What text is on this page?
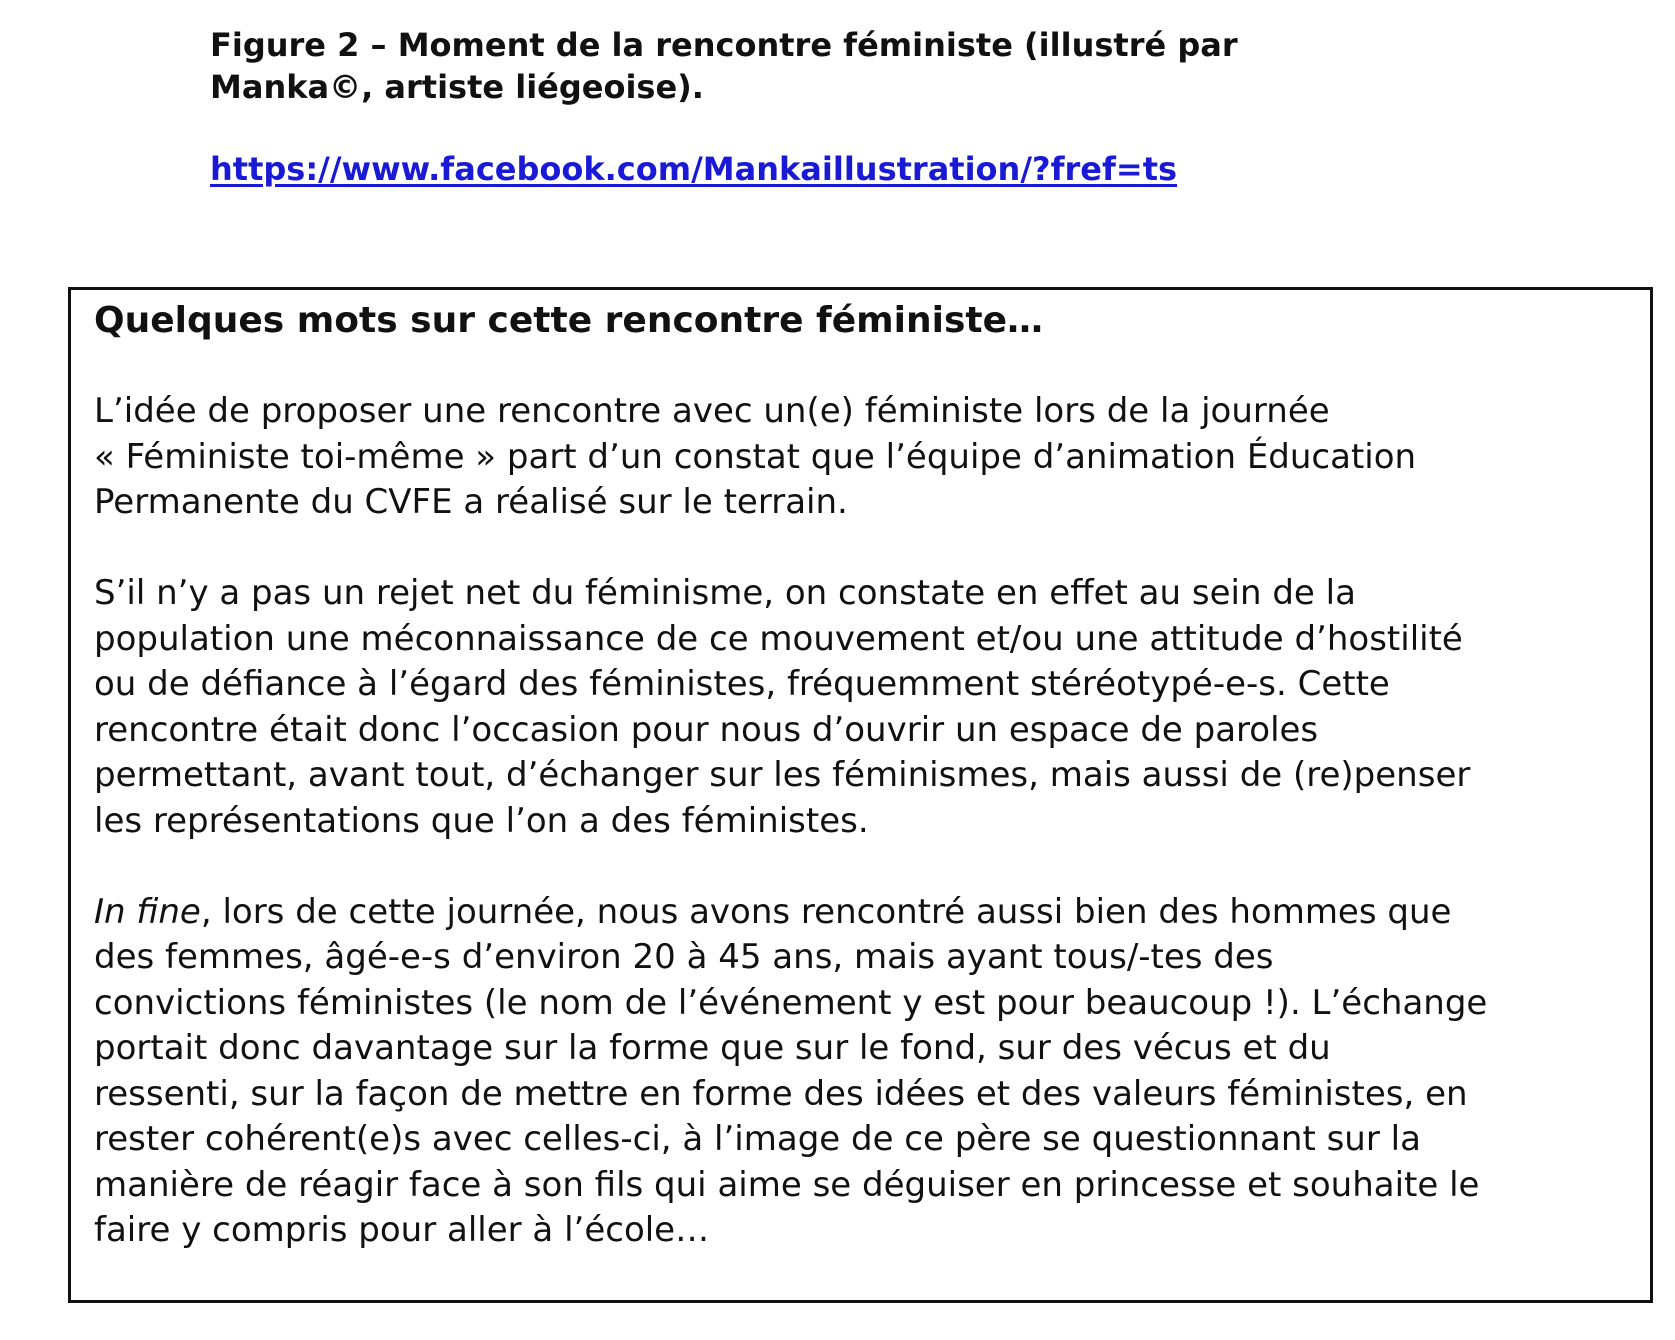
Figure 2 – Moment de la rencontre féministe (illustré par
Manka©, artiste liégeoise).
https://www.facebook.com/Mankaillustration/?fref=ts
Quelques mots sur cette rencontre féministe…
L’idée de proposer une rencontre avec un(e) féministe lors de la journée
« Féministe toi-même » part d’un constat que l’équipe d’animation Éducation
Permanente du CVFE a réalisé sur le terrain.
S’il n’y a pas un rejet net du féminisme, on constate en effet au sein de la
population une méconnaissance de ce mouvement et/ou une attitude d’hostilité
ou de défiance à l’égard des féministes, fréquemment stéréotypé-e-s. Cette
rencontre était donc l’occasion pour nous d’ouvrir un espace de paroles
permettant, avant tout, d’échanger sur les féminismes, mais aussi de (re)penser
les représentations que l’on a des féministes.
In fine, lors de cette journée, nous avons rencontré aussi bien des hommes que
des femmes, âgé-e-s d’environ 20 à 45 ans, mais ayant tous/-tes des
convictions féministes (le nom de l’événement y est pour beaucoup !). L’échange
portait donc davantage sur la forme que sur le fond, sur des vécus et du
ressenti, sur la façon de mettre en forme des idées et des valeurs féministes, en
rester cohérent(e)s avec celles-ci, à l’image de ce père se questionnant sur la
manière de réagir face à son fils qui aime se déguiser en princesse et souhaite le
faire y compris pour aller à l’école…
